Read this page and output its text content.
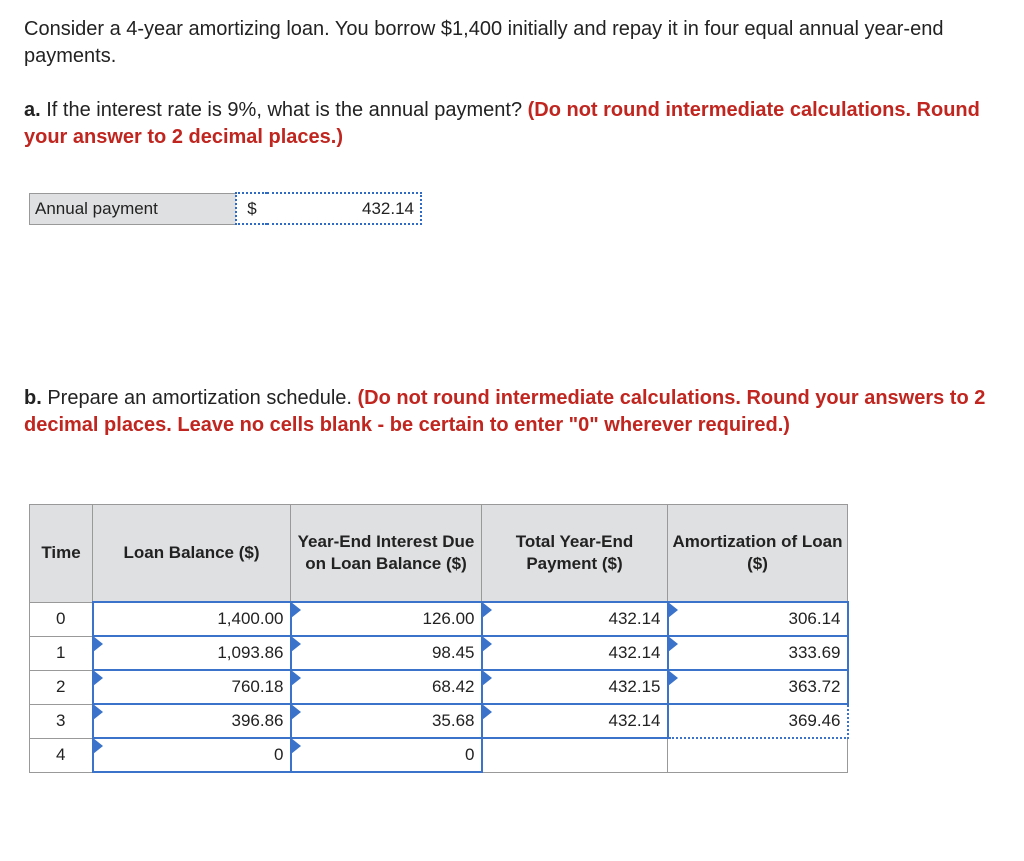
Consider a 4-year amortizing loan. You borrow $1,400 initially and repay it in four equal annual year-end payments.

a. If the interest rate is 9%, what is the annual payment? (Do not round intermediate calculations. Round your answer to 2 decimal places.)

Annual payment	$	432.14

b. Prepare an amortization schedule. (Do not round intermediate calculations. Round your answers to 2 decimal places. Leave no cells blank - be certain to enter "0" wherever required.)

Time	Loan Balance ($)	Year-End Interest Due on Loan Balance ($)	Total Year-End Payment ($)	Amortization of Loan ($)
0	1,400.00	126.00	432.14	306.14
1	1,093.86	98.45	432.14	333.69
2	760.18	68.42	432.15	363.72
3	396.86	35.68	432.14	369.46
4	0	0		
